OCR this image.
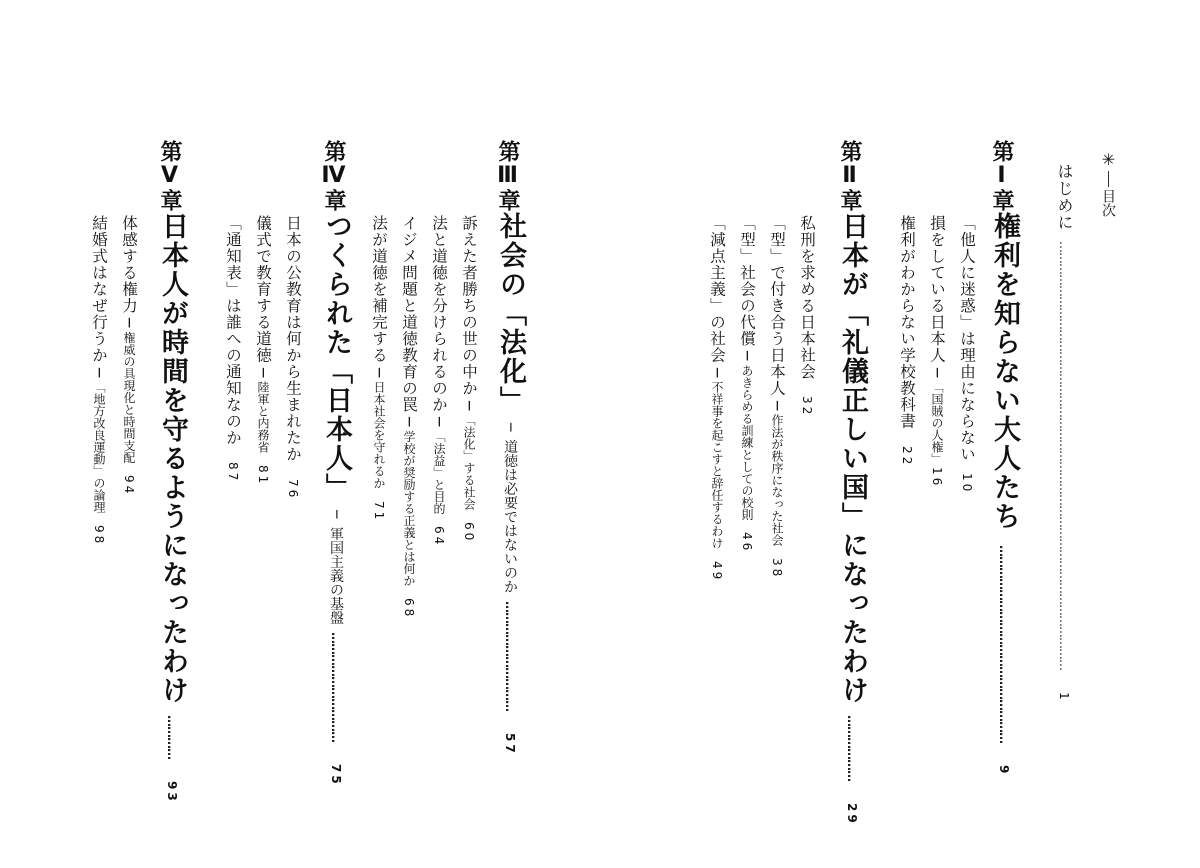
✳目次
はじめに………………………………………………………………………………………………………1
第Ⅰ章
権利を知らない大人たち………………………………………………9
「他人に迷惑」は理由にならない10
損をしている日本人─「国賊の人権」16
権利がわからない学校教科書22
第Ⅱ章
日本が「礼儀正しい国」になったわけ………………29
私刑を求める日本社会32
「型」で付き合う日本人─作法が秩序になった社会38
「型」社会の代償─あきらめる訓練としての校則46
「減点主義」の社会─不祥事を起こすと辞任するわけ49
第Ⅲ章
社会の「法化」─道徳は必要ではないのか…………………………57
訴えた者勝ちの世の中か─「法化」する社会60
法と道徳を分けられるのか─「法益」と目的64
イジメ問題と道徳教育の罠─学校が奨励する正義とは何か68
法が道徳を補完する─日本社会を守れるか71
第Ⅳ章
つくられた「日本人」─軍国主義の基盤…………………………75
日本の公教育は何から生まれたか76
儀式で教育する道徳─陸軍と内務省81
「通知表」は誰への通知なのか87
第Ⅴ章
日本人が時間を守るようになったわけ…………93
体感する権力─権威の具現化と時間支配94
結婚式はなぜ行うか─「地方改良運動」の論理98
